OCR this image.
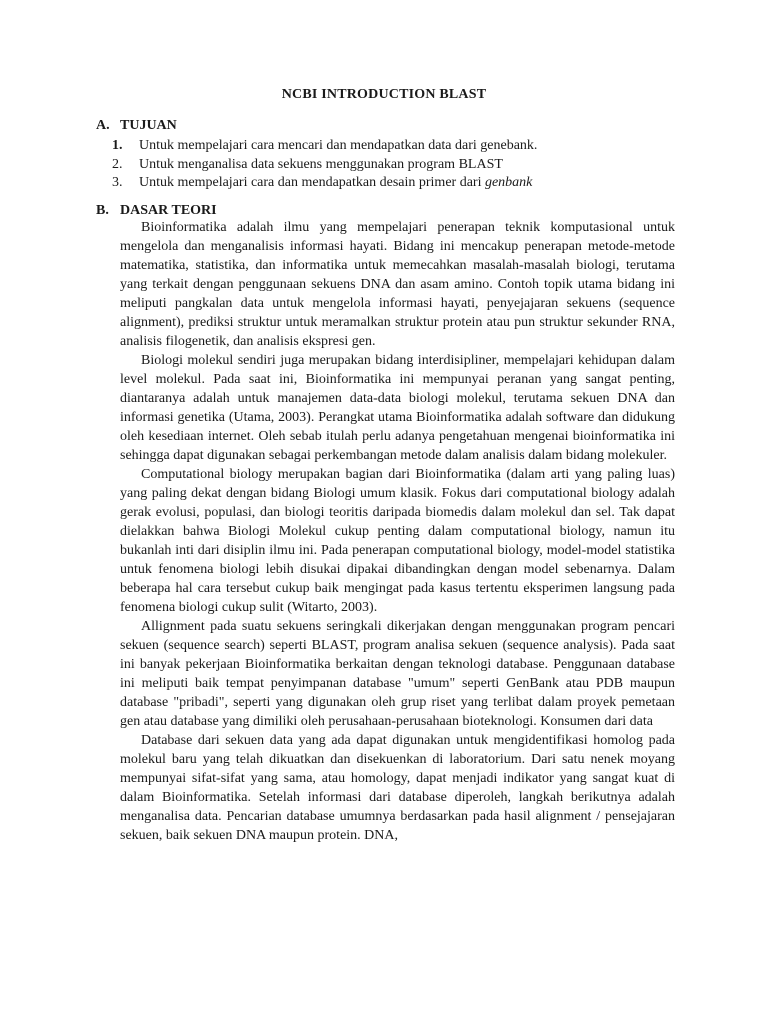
NCBI INTRODUCTION BLAST
A. TUJUAN
1. Untuk mempelajari cara mencari dan mendapatkan data dari genebank.
2. Untuk menganalisa data sekuens menggunakan program BLAST
3. Untuk mempelajari cara dan mendapatkan desain primer dari genbank
B. DASAR TEORI

Bioinformatika adalah ilmu yang mempelajari penerapan teknik komputasional untuk mengelola dan menganalisis informasi hayati. Bidang ini mencakup penerapan metode-metode matematika, statistika, dan informatika untuk memecahkan masalah-masalah biologi, terutama yang terkait dengan penggunaan sekuens DNA dan asam amino. Contoh topik utama bidang ini meliputi pangkalan data untuk mengelola informasi hayati, penyejajaran sekuens (sequence alignment), prediksi struktur untuk meramalkan struktur protein atau pun struktur sekunder RNA, analisis filogenetik, dan analisis ekspresi gen.

Biologi molekul sendiri juga merupakan bidang interdisipliner, mempelajari kehidupan dalam level molekul. Pada saat ini, Bioinformatika ini mempunyai peranan yang sangat penting, diantaranya adalah untuk manajemen data-data biologi molekul, terutama sekuen DNA dan informasi genetika (Utama, 2003). Perangkat utama Bioinformatika adalah software dan didukung oleh kesediaan internet. Oleh sebab itulah perlu adanya pengetahuan mengenai bioinformatika ini sehingga dapat digunakan sebagai perkembangan metode dalam analisis dalam bidang molekuler.

Computational biology merupakan bagian dari Bioinformatika (dalam arti yang paling luas) yang paling dekat dengan bidang Biologi umum klasik. Fokus dari computational biology adalah gerak evolusi, populasi, dan biologi teoritis daripada biomedis dalam molekul dan sel. Tak dapat dielakkan bahwa Biologi Molekul cukup penting dalam computational biology, namun itu bukanlah inti dari disiplin ilmu ini. Pada penerapan computational biology, model-model statistika untuk fenomena biologi lebih disukai dipakai dibandingkan dengan model sebenarnya. Dalam beberapa hal cara tersebut cukup baik mengingat pada kasus tertentu eksperimen langsung pada fenomena biologi cukup sulit (Witarto, 2003).

Allignment pada suatu sekuens seringkali dikerjakan dengan menggunakan program pencari sekuen (sequence search) seperti BLAST, program analisa sekuen (sequence analysis). Pada saat ini banyak pekerjaan Bioinformatika berkaitan dengan teknologi database. Penggunaan database ini meliputi baik tempat penyimpanan database "umum" seperti GenBank atau PDB maupun database "pribadi", seperti yang digunakan oleh grup riset yang terlibat dalam proyek pemetaan gen atau database yang dimiliki oleh perusahaan-perusahaan bioteknologi. Konsumen dari data

Database dari sekuen data yang ada dapat digunakan untuk mengidentifikasi homolog pada molekul baru yang telah dikuatkan dan disekuenkan di laboratorium. Dari satu nenek moyang mempunyai sifat-sifat yang sama, atau homology, dapat menjadi indikator yang sangat kuat di dalam Bioinformatika. Setelah informasi dari database diperoleh, langkah berikutnya adalah menganalisa data. Pencarian database umumnya berdasarkan pada hasil alignment / pensejajaran sekuen, baik sekuen DNA maupun protein. DNA,
